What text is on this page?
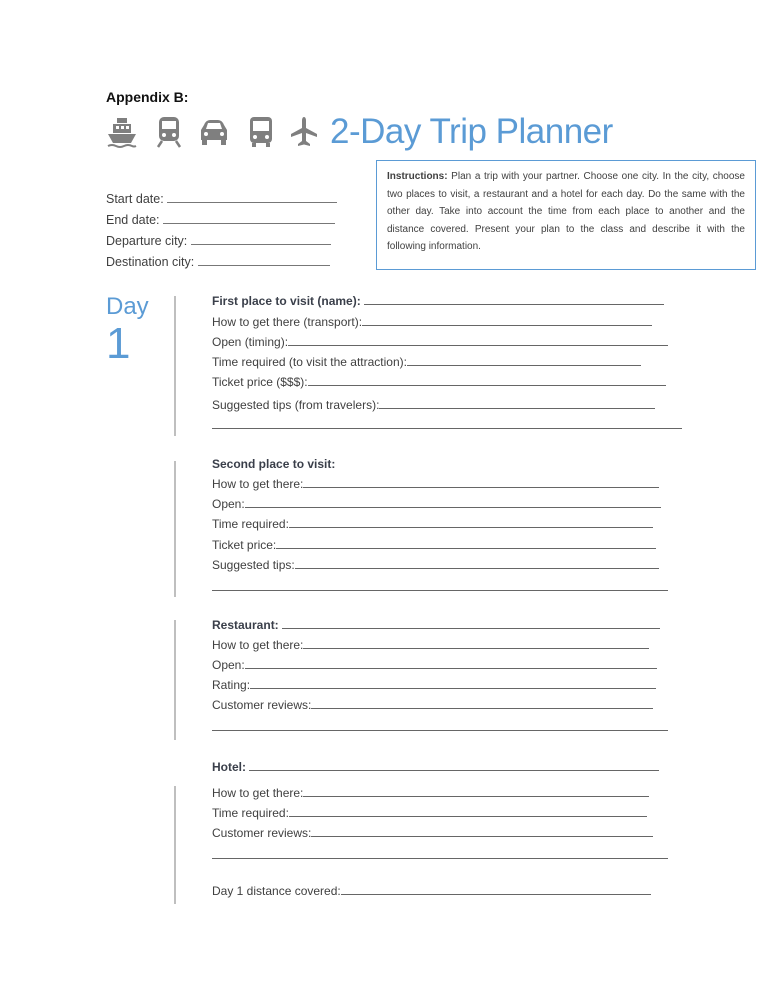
Appendix B:
2-Day Trip Planner
Instructions: Plan a trip with your partner. Choose one city. In the city, choose two places to visit, a restaurant and a hotel for each day. Do the same with the other day. Take into account the time from each place to another and the distance covered. Present your plan to the class and describe it with the following information.
Start date:
End date:
Departure city:
Destination city:
Day
1
First place to visit (name):
How to get there (transport):
Open (timing):
Time required (to visit the attraction):
Ticket price ($$$):
Suggested tips (from travelers):
Second place to visit:
How to get there:
Open:
Time required:
Ticket price:
Suggested tips:
Restaurant:
How to get there:
Open:
Rating:
Customer reviews:
Hotel:
How to get there:
Time required:
Customer reviews:
Day 1 distance covered:
